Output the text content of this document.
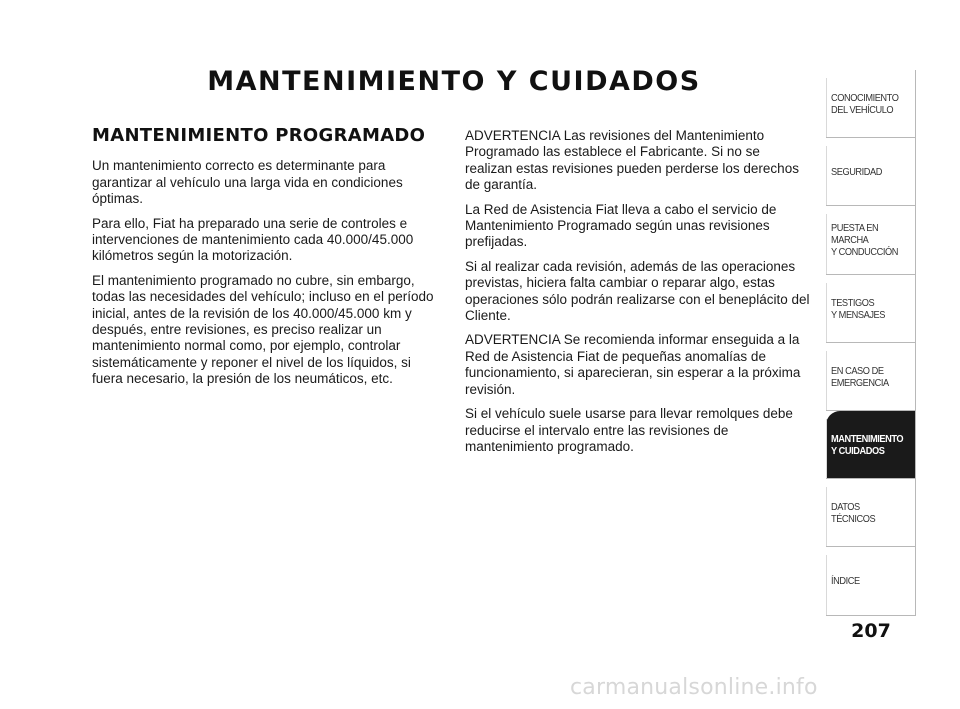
MANTENIMIENTO Y CUIDADOS
MANTENIMIENTO PROGRAMADO

Un mantenimiento correcto es determinante para garantizar al vehículo una larga vida en condiciones óptimas.

Para ello, Fiat ha preparado una serie de controles e intervenciones de mantenimiento cada 40.000/45.000 kilómetros según la motorización.

El mantenimiento programado no cubre, sin embargo, todas las necesidades del vehículo; incluso en el período inicial, antes de la revisión de los 40.000/45.000 km y después, entre revisiones, es preciso realizar un mantenimiento normal como, por ejemplo, controlar sistemáticamente y reponer el nivel de los líquidos, si fuera necesario, la presión de los neumáticos, etc.

ADVERTENCIA Las revisiones del Mantenimiento Programado las establece el Fabricante. Si no se realizan estas revisiones pueden perderse los derechos de garantía.

La Red de Asistencia Fiat lleva a cabo el servicio de Mantenimiento Programado según unas revisiones prefijadas.

Si al realizar cada revisión, además de las operaciones previstas, hiciera falta cambiar o reparar algo, estas operaciones sólo podrán realizarse con el beneplácito del Cliente.

ADVERTENCIA Se recomienda informar enseguida a la Red de Asistencia Fiat de pequeñas anomalías de funcionamiento, si aparecieran, sin esperar a la próxima revisión.

Si el vehículo suele usarse para llevar remolques debe reducirse el intervalo entre las revisiones de mantenimiento programado.

CONOCIMIENTO
DEL VEHÍCULO
SEGURIDAD
PUESTA EN
MARCHA
Y CONDUCCIÓN
TESTIGOS
Y MENSAJES
EN CASO DE
EMERGENCIA
MANTENIMIENTO
Y CUIDADOS
DATOS
TÉCNICOS
ÍNDICE
207
carmanualsonline.info
